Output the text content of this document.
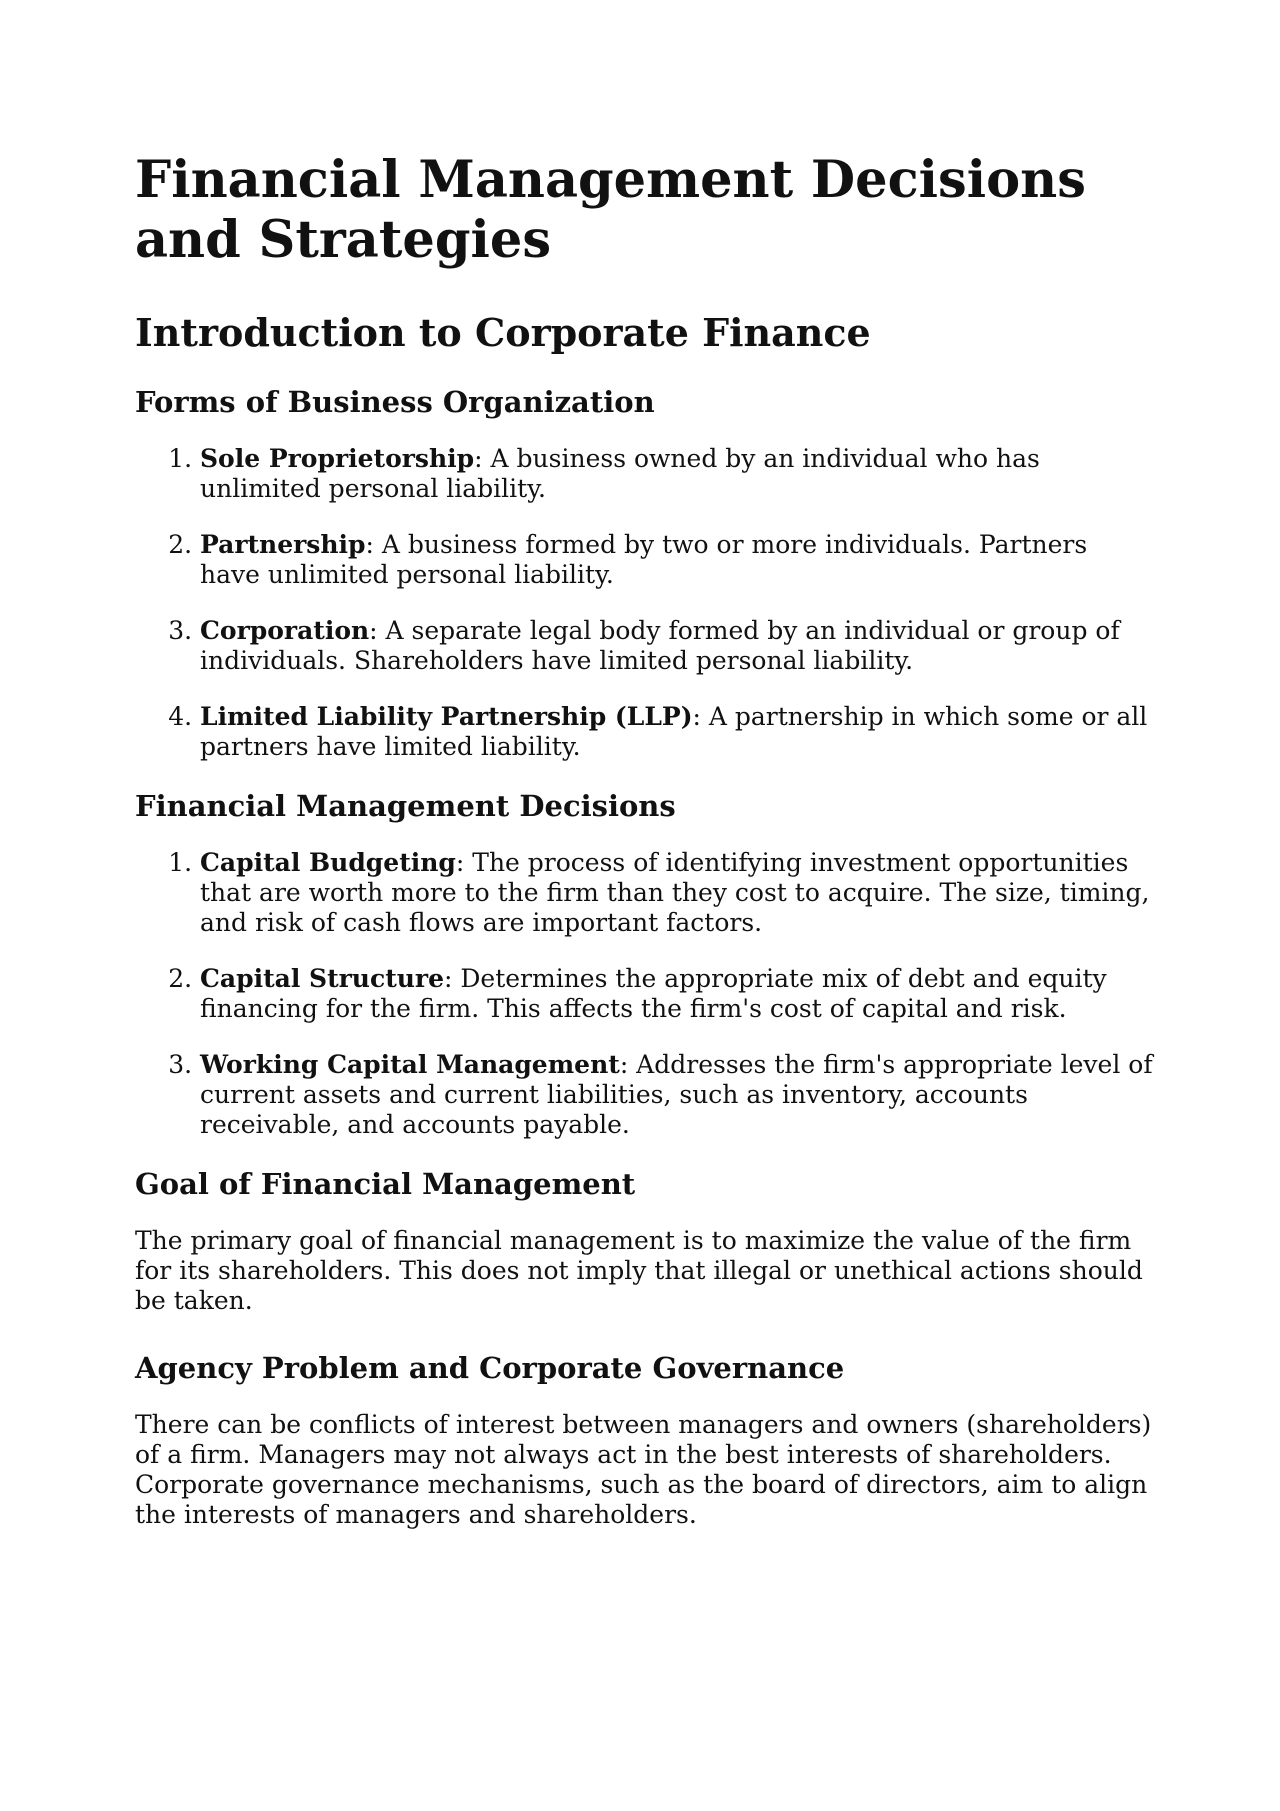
Financial Management Decisions and Strategies
Introduction to Corporate Finance
Forms of Business Organization
1. Sole Proprietorship: A business owned by an individual who has unlimited personal liability.
2. Partnership: A business formed by two or more individuals. Partners have unlimited personal liability.
3. Corporation: A separate legal body formed by an individual or group of individuals. Shareholders have limited personal liability.
4. Limited Liability Partnership (LLP): A partnership in which some or all partners have limited liability.
Financial Management Decisions
1. Capital Budgeting: The process of identifying investment opportunities that are worth more to the firm than they cost to acquire. The size, timing, and risk of cash flows are important factors.
2. Capital Structure: Determines the appropriate mix of debt and equity financing for the firm. This affects the firm's cost of capital and risk.
3. Working Capital Management: Addresses the firm's appropriate level of current assets and current liabilities, such as inventory, accounts receivable, and accounts payable.
Goal of Financial Management

The primary goal of financial management is to maximize the value of the firm for its shareholders. This does not imply that illegal or unethical actions should be taken.

Agency Problem and Corporate Governance

There can be conflicts of interest between managers and owners (shareholders) of a firm. Managers may not always act in the best interests of shareholders. Corporate governance mechanisms, such as the board of directors, aim to align the interests of managers and shareholders.
